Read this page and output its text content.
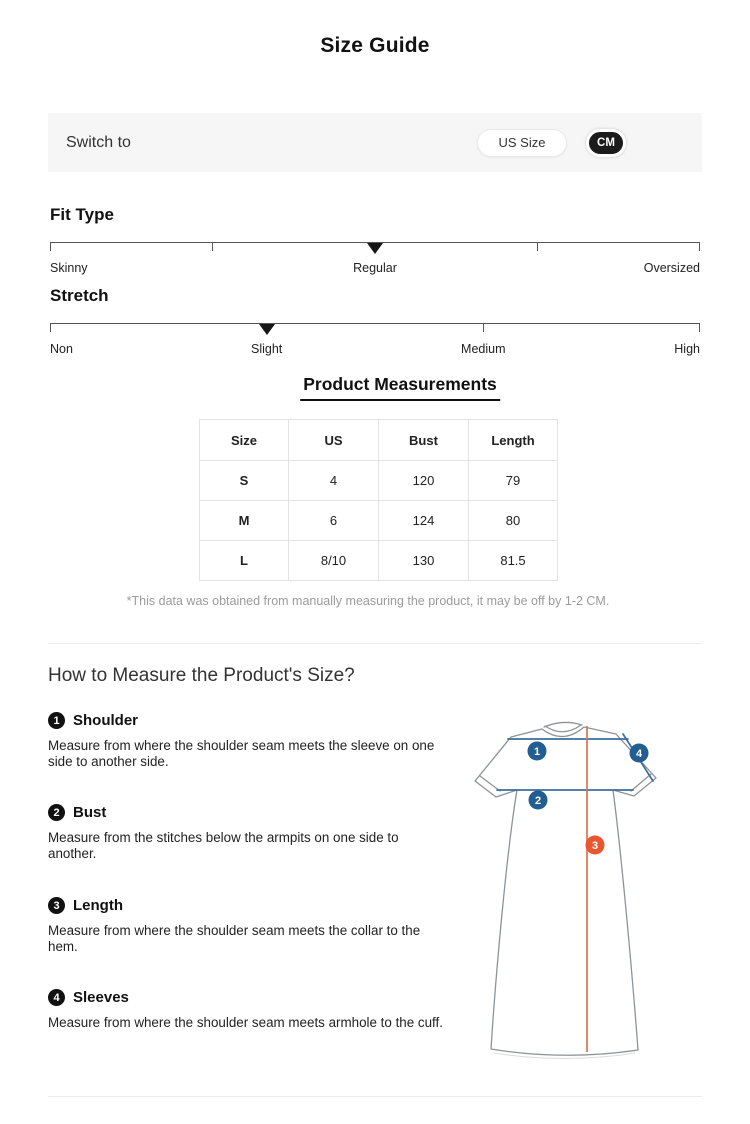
Size Guide
Switch to	US Size	CM
Fit Type
Skinny	Regular	Oversized
Stretch
Non	Slight	Medium	High
Product Measurements
Size	US	Bust	Length
S	4	120	79
M	6	124	80
L	8/10	130	81.5
*This data was obtained from manually measuring the product, it may be off by 1-2 CM.
How to Measure the Product's Size?
1 Shoulder
Measure from where the shoulder seam meets the sleeve on one side to another side.
2 Bust
Measure from the stitches below the armpits on one side to another.
3 Length
Measure from where the shoulder seam meets the collar to the hem.
4 Sleeves
Measure from where the shoulder seam meets armhole to the cuff.
1
2
3
4
